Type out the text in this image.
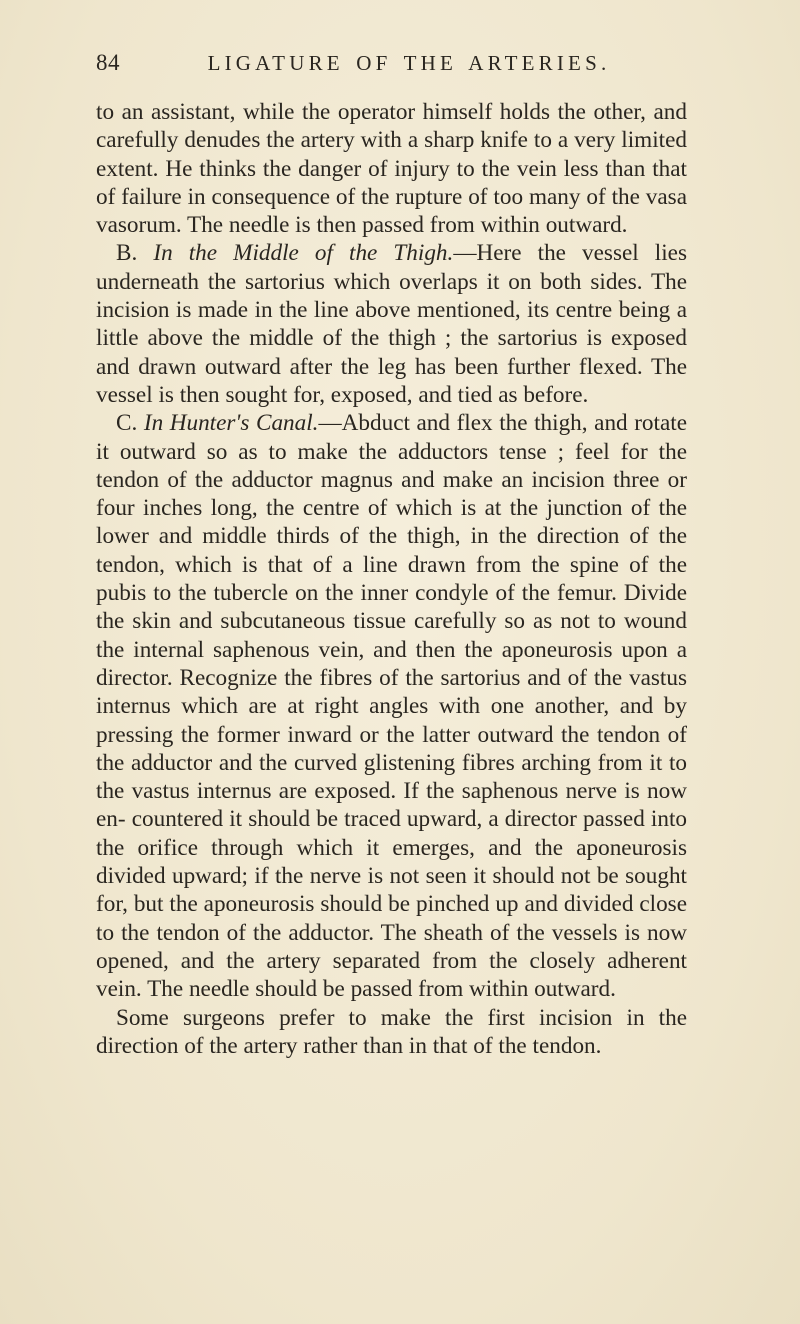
84	LIGATURE OF THE ARTERIES.

to an assistant, while the operator himself holds the other, and carefully denudes the artery with a sharp knife to a very limited extent. He thinks the danger of injury to the vein less than that of failure in consequence of the rupture of too many of the vasa vasorum. The needle is then passed from within outward.

B. In the Middle of the Thigh.—Here the vessel lies underneath the sartorius which overlaps it on both sides. The incision is made in the line above mentioned, its centre being a little above the middle of the thigh ; the sartorius is exposed and drawn outward after the leg has been further flexed. The vessel is then sought for, exposed, and tied as before.

C. In Hunter's Canal.—Abduct and flex the thigh, and rotate it outward so as to make the adductors tense ; feel for the tendon of the adductor magnus and make an incision three or four inches long, the centre of which is at the junction of the lower and middle thirds of the thigh, in the direction of the tendon, which is that of a line drawn from the spine of the pubis to the tubercle on the inner condyle of the femur. Divide the skin and subcutaneous tissue carefully so as not to wound the internal saphenous vein, and then the aponeurosis upon a director. Recognize the fibres of the sartorius and of the vastus internus which are at right angles with one another, and by pressing the former inward or the latter outward the tendon of the adductor and the curved glistening fibres arching from it to the vastus internus are exposed. If the saphenous nerve is now en- countered it should be traced upward, a director passed into the orifice through which it emerges, and the aponeurosis divided upward; if the nerve is not seen it should not be sought for, but the aponeurosis should be pinched up and divided close to the tendon of the adductor. The sheath of the vessels is now opened, and the artery separated from the closely adherent vein. The needle should be passed from within outward.

Some surgeons prefer to make the first incision in the direction of the artery rather than in that of the tendon.
